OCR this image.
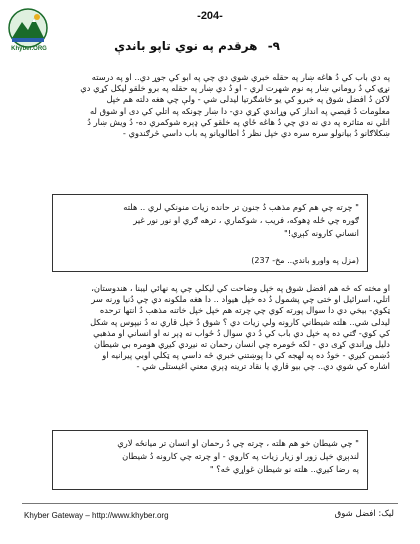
Khyber.ORG
-204-
۹- هرقدم په نوي تاپو باندې
په دي باب کي دُ هاغه ښار په حقله خبري شوي دي چي په ابو کي جوړ دي.. او په درسته
نړۍ کي دُ روماني ښار په نوم شهرت لري - او دُ دي ښار په حقله په برو خلقو ليکل کړي دي
لاکن دُ افضل شوق په خبرو کي يو خاشګرتيا ليدلی شي - ولې چي هغه دلته هم خپل
معلومات دُ قيصي په انداز کي وړاندي کړي دي- دا ښار چونکه په اتلي کي دی او شوق له
اتلي نه متاثره په دي نه دي چي دُ هاغه ځاي په خلقو کي ډېره شوکمري ده- دُ ويش ښار دُ
ښکلاګانو دُ بيانولو سره سره دي خپل نظر دُ اطالويانو په باب داسي څرګندوي -
" چرته چي هم کوم مذهب دُ جنون تر حانده زيات منونکي لري .. هلته
ګوره چي ځله ډهوکه، فريب ، شوکماري ، ترهه ګري او نور نور غير
انساني کارونه کېږي!"
(مزل په واورو باندي.. مخ- 237)
او مخته که څه هم افضل شوق په خپل وضاحت کي ليکلي چي په نهائي ليبنا ، هندوستان،
اتلي، اسرائيل او ختی چي پشمول دُ ده خپل هيواد .. دا هغه ملکونه دي چي دُنيا ورنه سر
ټکوي- بيخي دي دا سوال پورته کوي چي چرته هم خپل خپل خاتنه مذهب دُ انتها ترحده
ليدلی شي.. هلته شيطاني کارونه ولي زيات دي ؟ شوق دُ خپل قاري نه دُ نيپوس په شکل
کي کوي- ګتي ده په خپل دي باب کي دُ دي سوال دُ ځواب نه ډېر نه او انساني او مذهبي
دليل وړاندي کړی دي - لکه څومره چي انسان رحمان ته نيږدي کيږي هومره بي شيطان
دُښمن کيږي - خودُ ده په لهجه کي دا پوښتني خبري څه داسي په ټکلي اوبي پيرانيه او
اشاره کي شوي دي.. چي بيو قاري يا نقاد ترينه ډېري معني اغيستلی شي -
" چي شيطان خو هم هلته ، چرته چي دُ رحمان او انسان تر ميانځه لاري
لندېږي خپل زور او زيار زيات په کاروي - او چرته چي کارونه دُ شيطان
په رضا کيږي.. هلته نو شيطان غواړي څه؟ "
Khyber Gateway – http://www.khyber.org	ليک: افضل شوق
